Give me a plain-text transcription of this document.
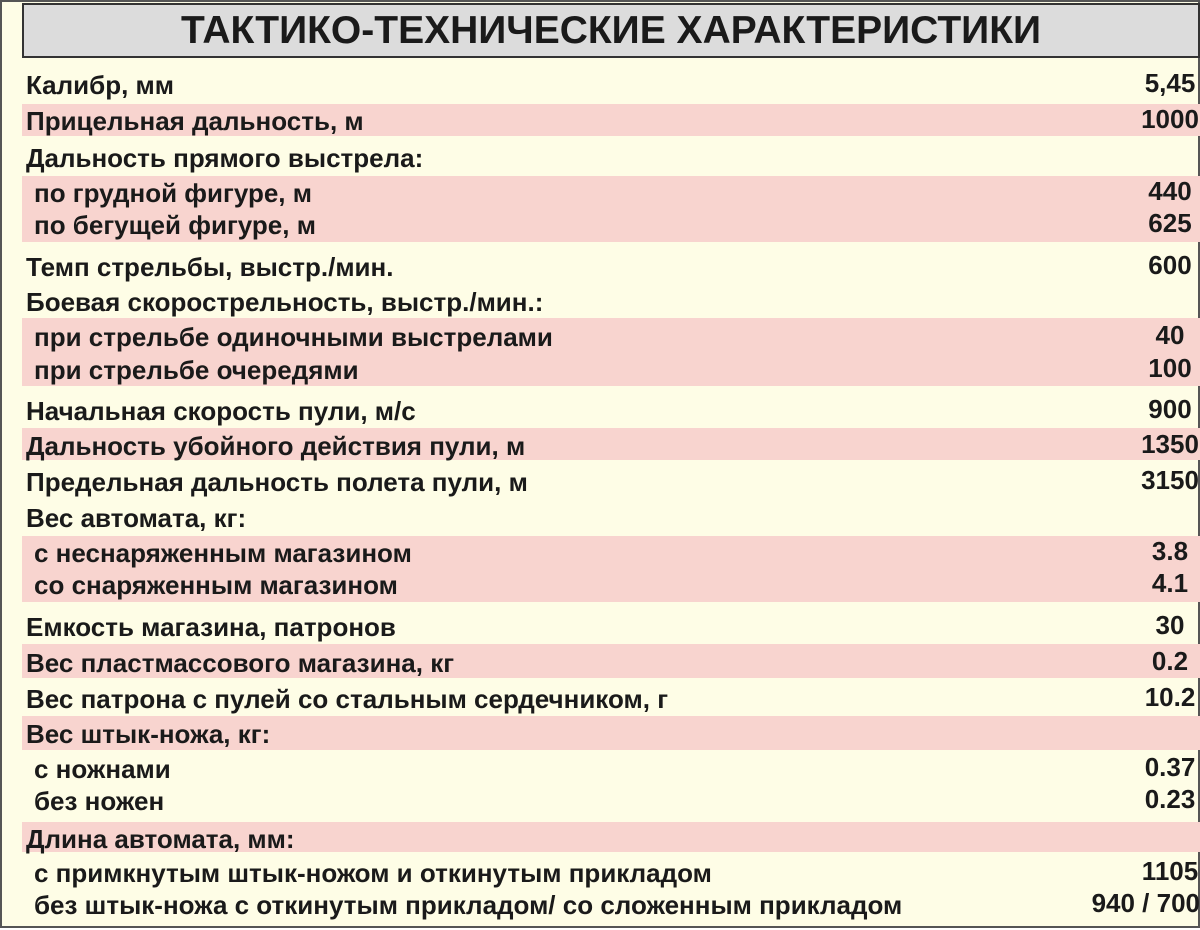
Калибр, мм	5,45
Прицельная дальность, м	1000
Дальность прямого выстрела:
по грудной фигуре, м	440
по бегущей фигуре, м	625
Темп стрельбы, выстр./мин.	600
Боевая скорострельность, выстр./мин.:
при стрельбе одиночными выстрелами	40
при стрельбе очередями	100
Начальная скорость пули, м/с	900
Дальность убойного действия пули, м	1350
Предельная дальность полета пули, м	3150
Вес автомата, кг:
с неснаряженным магазином	3.8
со снаряженным магазином	4.1
Емкость магазина, патронов	30
Вес пластмассового магазина, кг	0.2
Вес патрона с пулей со стальным сердечником, г	10.2
Вес штык-ножа, кг:
с ножнами	0.37
без ножен	0.23
Длина автомата, мм:
с примкнутым штык-ножом и откинутым прикладом	1105
без штык-ножа с откинутым прикладом/ со сложенным прикладом	940 / 700
ТАКТИКО-ТЕХНИЧЕСКИЕ ХАРАКТЕРИСТИКИ
